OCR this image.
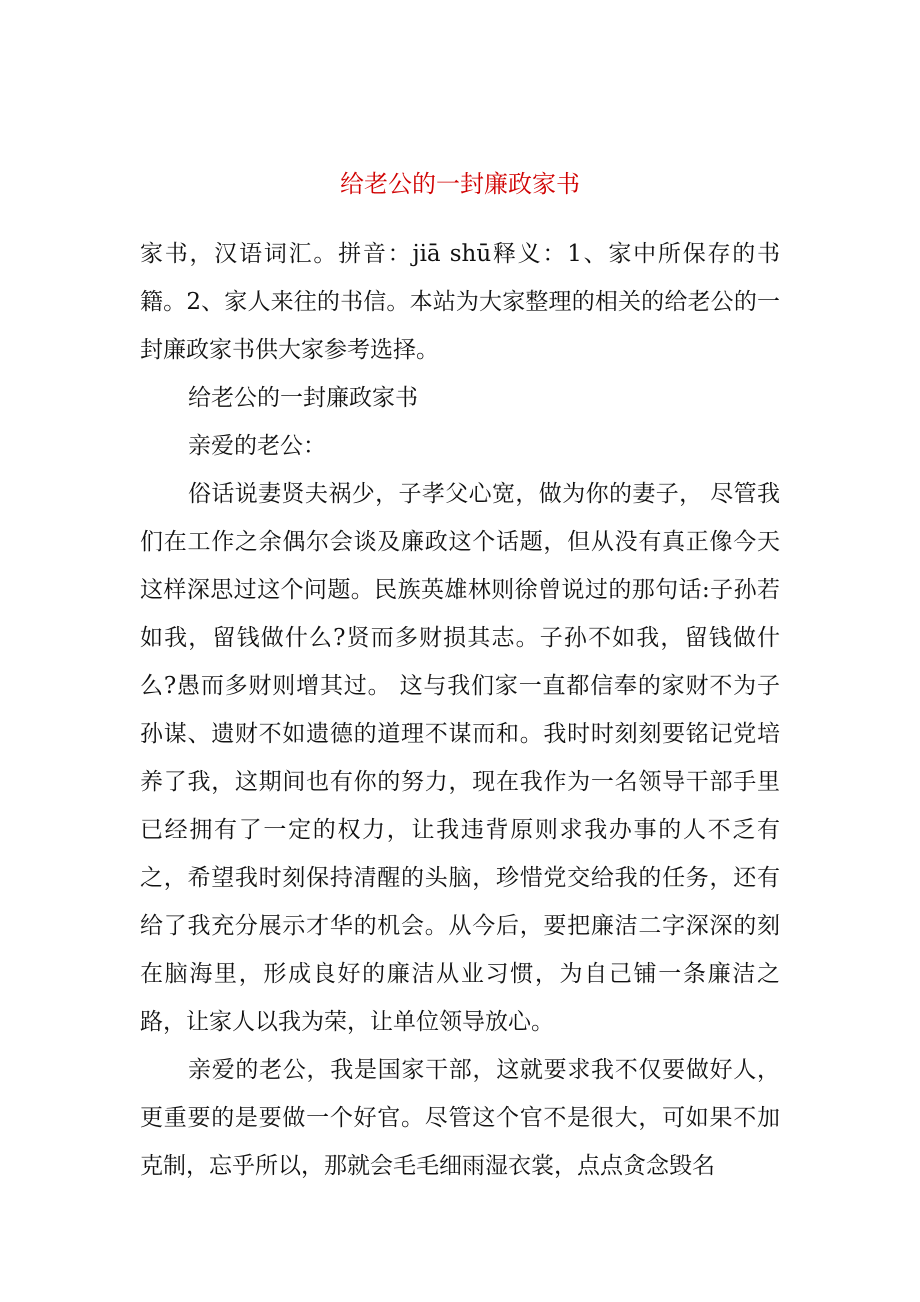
给老公的一封廉政家书

家书，汉语词汇。拼音：jiā shū释义：1、家中所保存的书籍。2、家人来往的书信。本站为大家整理的相关的给老公的一封廉政家书供大家参考选择。

给老公的一封廉政家书

亲爱的老公：

俗话说妻贤夫祸少，子孝父心宽，做为你的妻子， 尽管我们在工作之余偶尔会谈及廉政这个话题，但从没有真正像今天这样深思过这个问题。民族英雄林则徐曾说过的那句话:子孙若如我，留钱做什么?贤而多财损其志。子孙不如我，留钱做什么?愚而多财则增其过。 这与我们家一直都信奉的家财不为子孙谋、遗财不如遗德的道理不谋而和。我时时刻刻要铭记党培养了我，这期间也有你的努力，现在我作为一名领导干部手里已经拥有了一定的权力，让我违背原则求我办事的人不乏有之，希望我时刻保持清醒的头脑，珍惜党交给我的任务，还有给了我充分展示才华的机会。从今后，要把廉洁二字深深的刻在脑海里，形成良好的廉洁从业习惯，为自己铺一条廉洁之路，让家人以我为荣，让单位领导放心。

亲爱的老公，我是国家干部，这就要求我不仅要做好人，更重要的是要做一个好官。尽管这个官不是很大，可如果不加克制，忘乎所以，那就会毛毛细雨湿衣裳，点点贪念毁名
